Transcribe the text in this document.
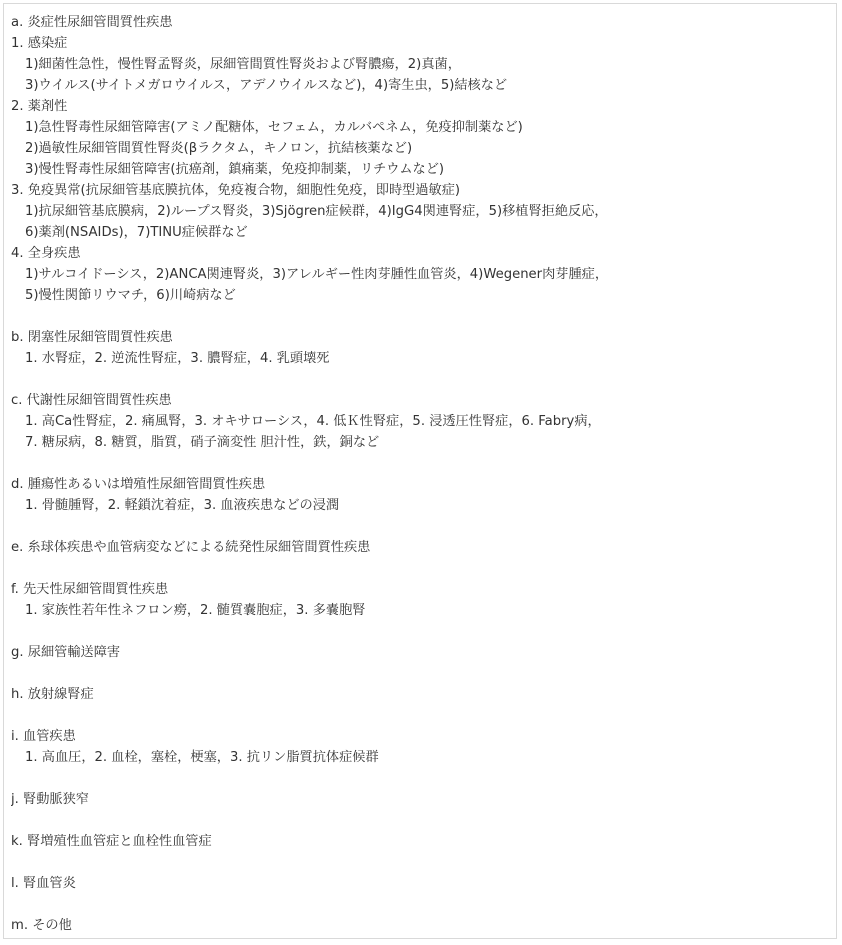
a. 炎症性尿細管間質性疾患
1. 感染症
1)細菌性急性，慢性腎孟腎炎，尿細管間質性腎炎および腎膿瘍，2)真菌，
3)ウイルス(サイトメガロウイルス，アデノウイルスなど)，4)寄生虫，5)結核など
2. 薬剤性
1)急性腎毒性尿細管障害(アミノ配糖体，セフェム，カルバペネム，免疫抑制薬など)
2)過敏性尿細管間質性腎炎(βラクタム，キノロン，抗結核薬など)
3)慢性腎毒性尿細管障害(抗癌剤，鎮痛薬，免疫抑制薬，リチウムなど)
3. 免疫異常(抗尿細管基底膜抗体，免疫複合物，細胞性免疫，即時型過敏症)
1)抗尿細管基底膜病，2)ループス腎炎，3)Sjögren症候群，4)IgG4関連腎症，5)移植腎拒絶反応，
6)薬剤(NSAIDs)，7)TINU症候群など
4. 全身疾患
1)サルコイドーシス，2)ANCA関連腎炎，3)アレルギー性肉芽腫性血管炎，4)Wegener肉芽腫症，
5)慢性関節リウマチ，6)川崎病など
b. 閉塞性尿細管間質性疾患
1. 水腎症，2. 逆流性腎症，3. 膿腎症，4. 乳頭壊死
c. 代謝性尿細管間質性疾患
1. 高Ca性腎症，2. 痛風腎，3. オキサローシス，4. 低Ｋ性腎症，5. 浸透圧性腎症，6. Fabry病，
7. 糖尿病，8. 糖質，脂質，硝子滴変性 胆汁性，鉄，銅など
d. 腫瘍性あるいは増殖性尿細管間質性疾患
1. 骨髄腫腎，2. 軽鎖沈着症，3. 血液疾患などの浸潤
e. 糸球体疾患や血管病変などによる続発性尿細管間質性疾患
f. 先天性尿細管間質性疾患
1. 家族性若年性ネフロン癆，2. 髄質嚢胞症，3. 多嚢胞腎
g. 尿細管輸送障害
h. 放射線腎症
i. 血管疾患
1. 高血圧，2. 血栓，塞栓，梗塞，3. 抗リン脂質抗体症候群
j. 腎動脈狭窄
k. 腎増殖性血管症と血栓性血管症
l. 腎血管炎
m. その他
